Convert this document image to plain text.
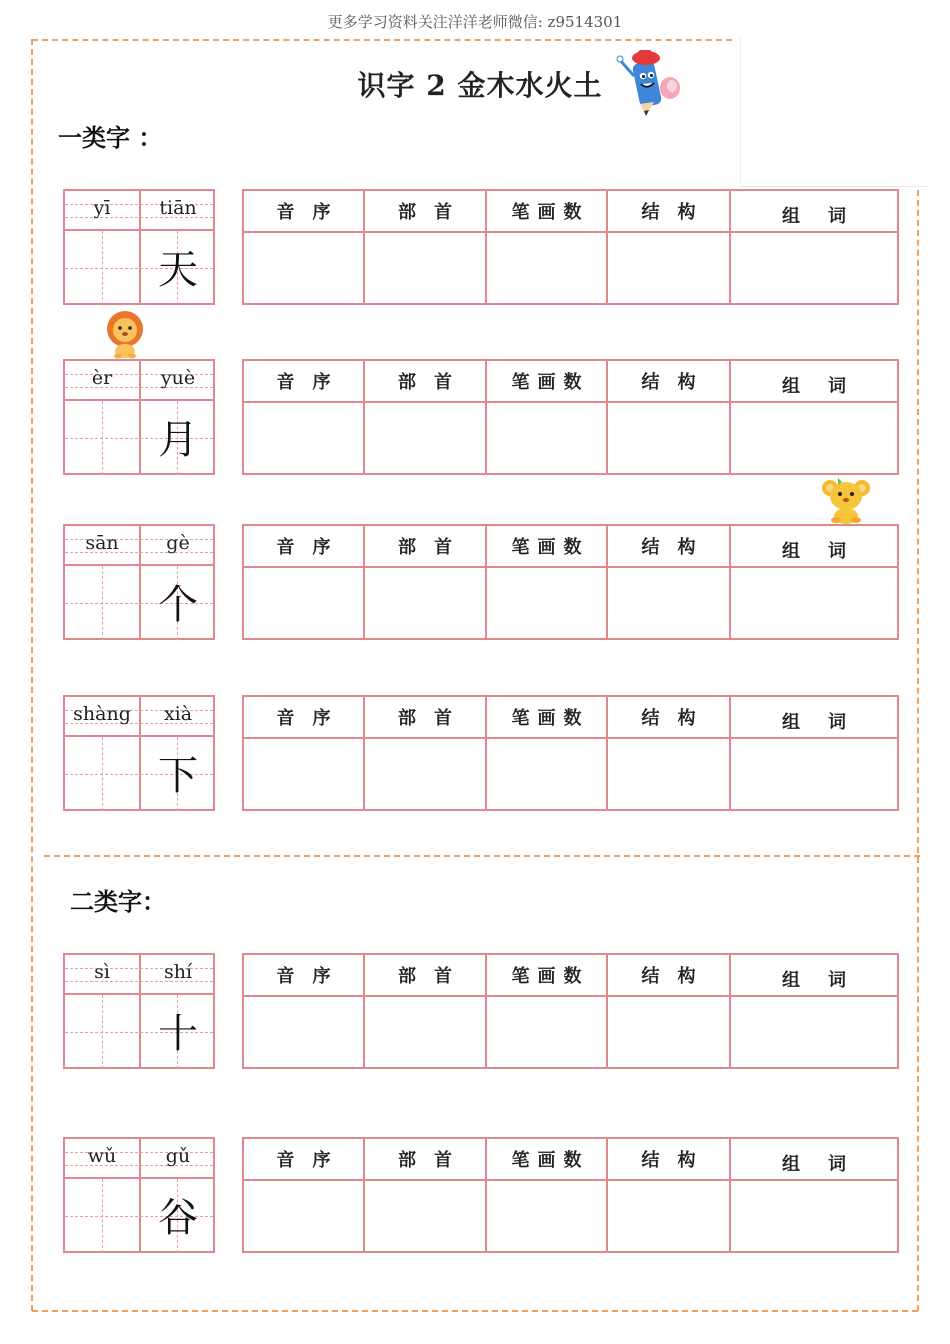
更多学习资料关注洋洋老师微信: z9514301
识字 2 金木水火土
一类字 ：
二类字：
yī	tiān
天
音 序	部 首	笔 画 数	结 构	组 词
èr	yuè
月
音 序	部 首	笔 画 数	结 构	组 词
sān	gè
个
音 序	部 首	笔 画 数	结 构	组 词
shàng	xià
下
音 序	部 首	笔 画 数	结 构	组 词
sì	shí
十
音 序	部 首	笔 画 数	结 构	组 词
wǔ	gǔ
谷
音 序	部 首	笔 画 数	结 构	组 词
